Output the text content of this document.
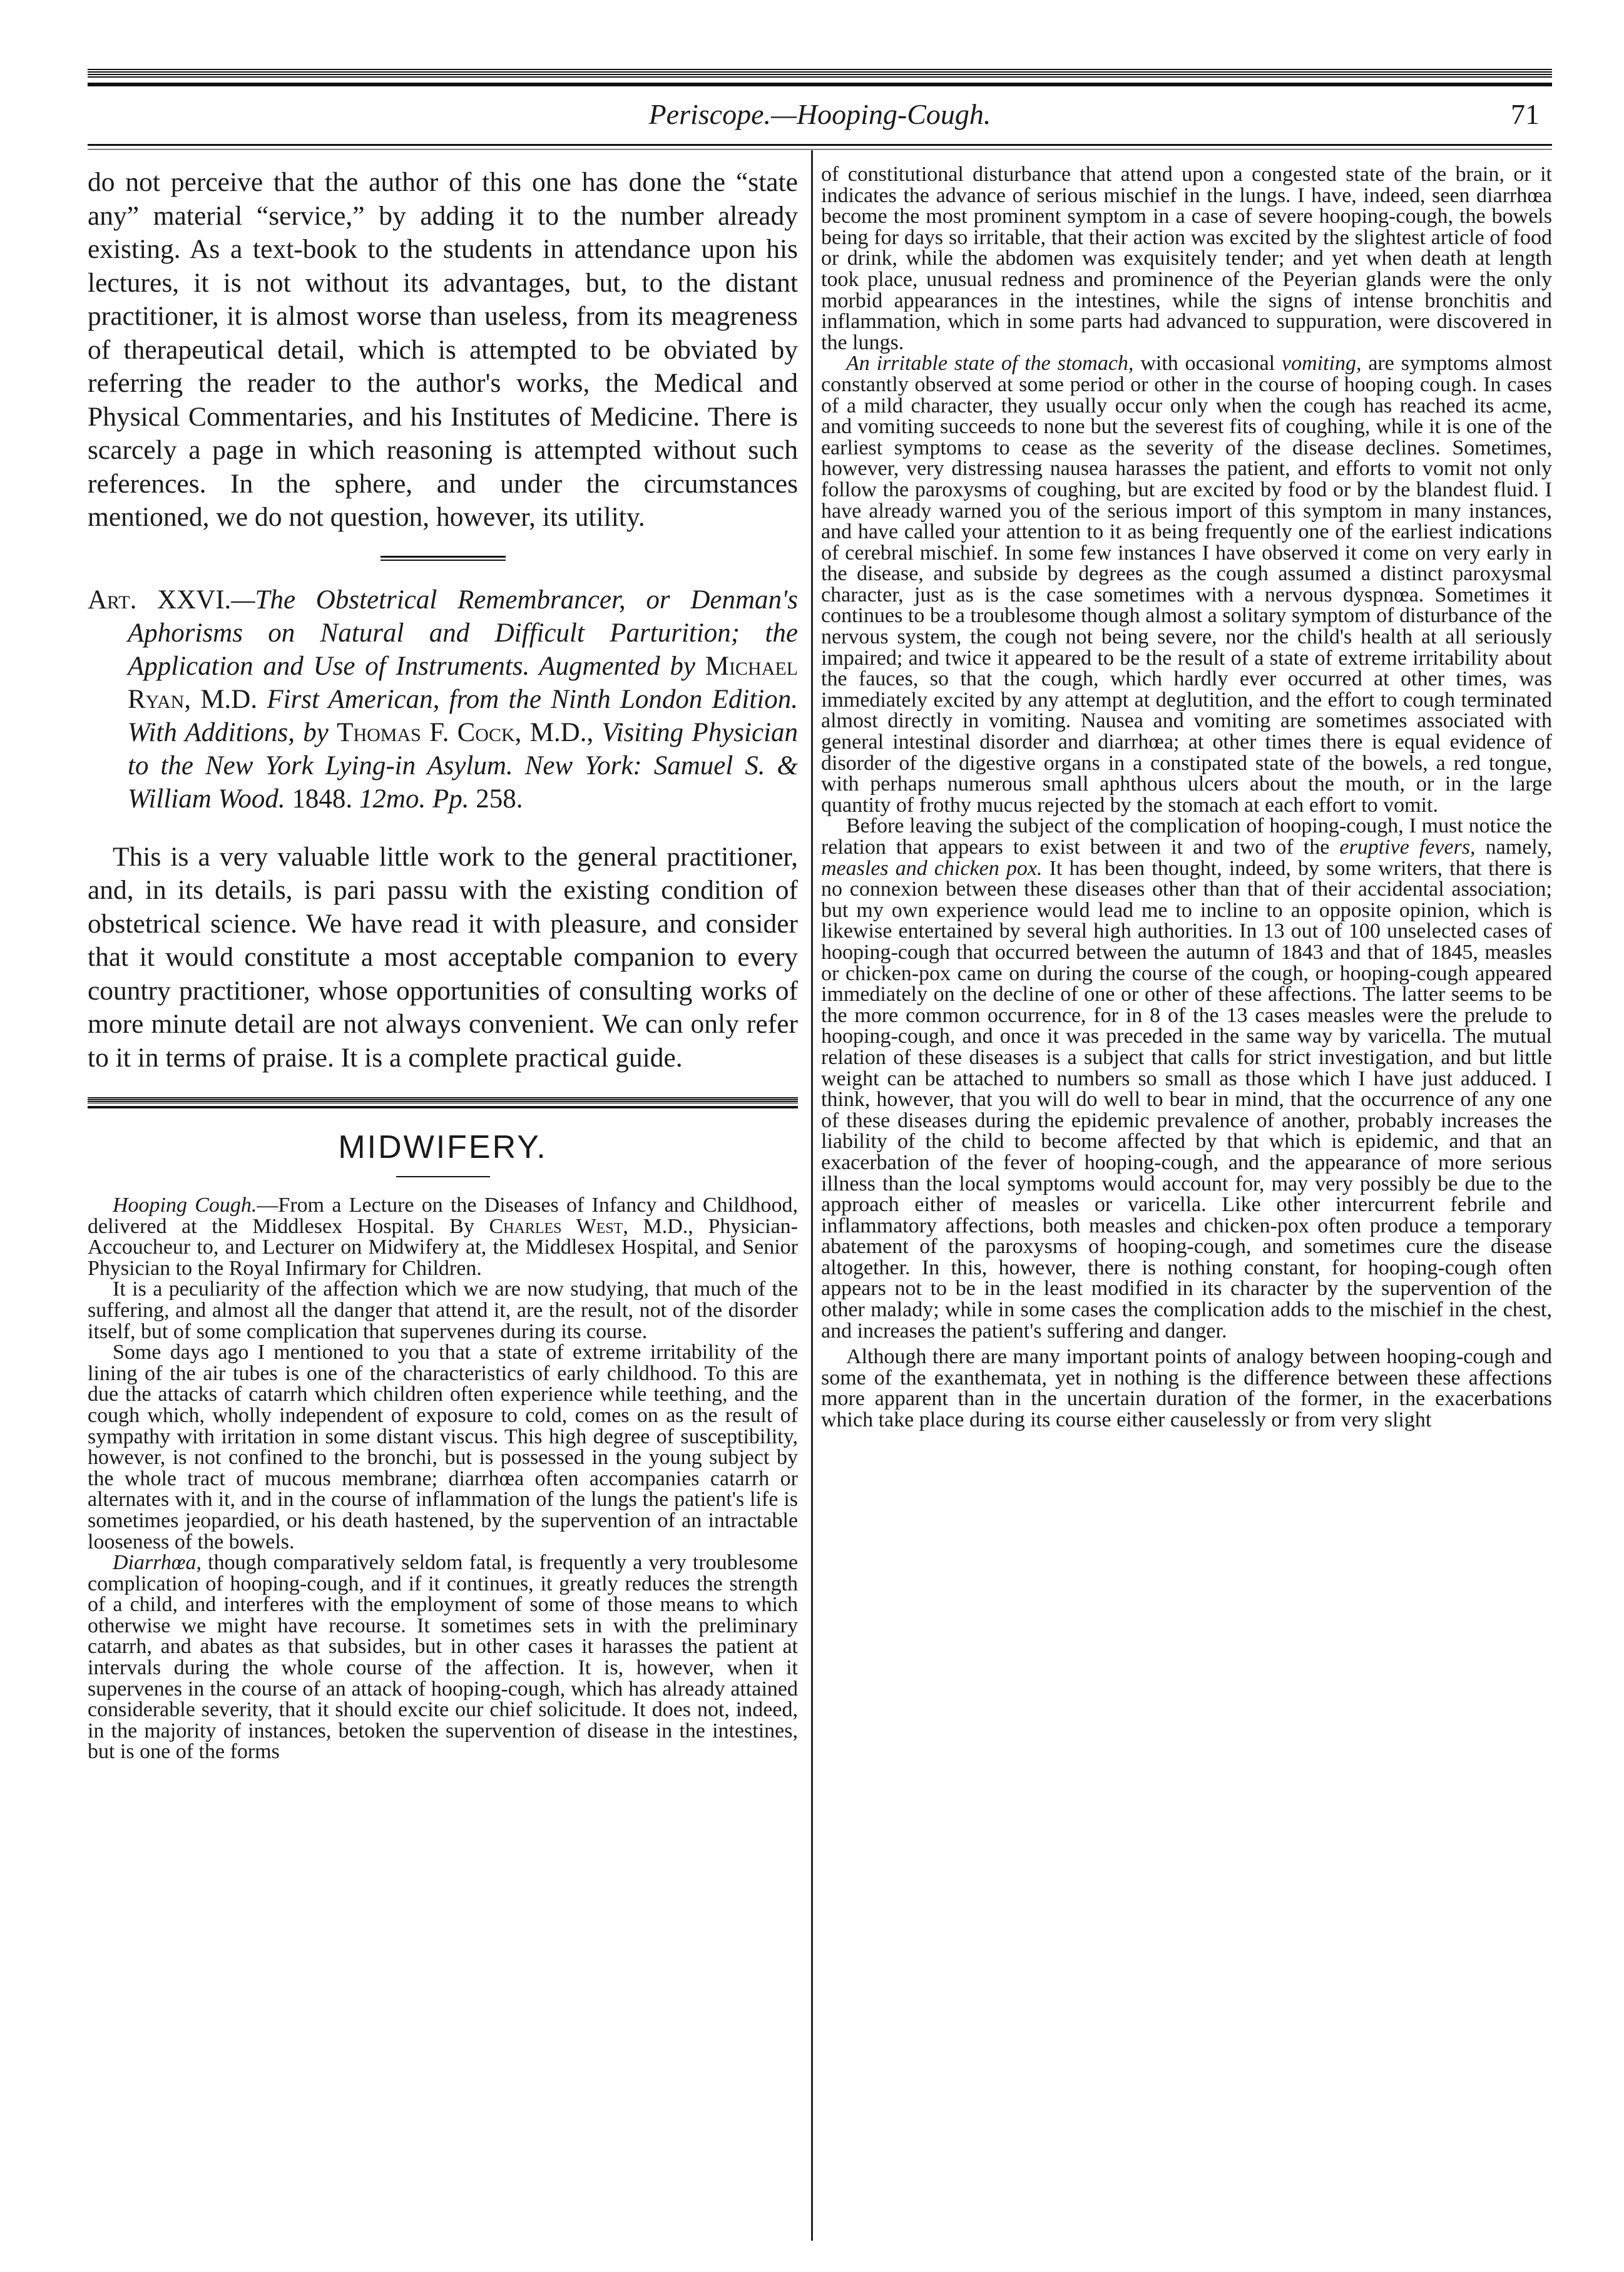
Periscope.—Hooping-Cough.	71

do not perceive that the author of this one has done the “state any” material “service,” by adding it to the number already existing. As a text-book to the students in attendance upon his lectures, it is not without its advantages, but, to the distant practitioner, it is almost worse than useless, from its meagreness of therapeutical detail, which is attempted to be obviated by referring the reader to the author's works, the Medical and Physical Commentaries, and his Institutes of Medicine. There is scarcely a page in which reasoning is attempted without such references. In the sphere, and under the circumstances mentioned, we do not question, however, its utility.

Art. XXVI.—The Obstetrical Remembrancer, or Denman's Aphorisms on Natural and Difficult Parturition; the Application and Use of Instruments. Augmented by Michael Ryan, M.D. First American, from the Ninth London Edition. With Additions, by Thomas F. Cock, M.D., Visiting Physician to the New York Lying-in Asylum. New York: Samuel S. & William Wood. 1848. 12mo. Pp. 258.

This is a very valuable little work to the general practitioner, and, in its details, is pari passu with the existing condition of obstetrical science. We have read it with pleasure, and consider that it would constitute a most acceptable companion to every country practitioner, whose opportunities of consulting works of more minute detail are not always convenient. We can only refer to it in terms of praise. It is a complete practical guide.

MIDWIFERY.

Hooping Cough.—From a Lecture on the Diseases of Infancy and Childhood, delivered at the Middlesex Hospital. By Charles West, M.D., Physician-Accoucheur to, and Lecturer on Midwifery at, the Middlesex Hospital, and Senior Physician to the Royal Infirmary for Children.

It is a peculiarity of the affection which we are now studying, that much of the suffering, and almost all the danger that attend it, are the result, not of the disorder itself, but of some complication that supervenes during its course.

Some days ago I mentioned to you that a state of extreme irritability of the lining of the air tubes is one of the characteristics of early childhood. To this are due the attacks of catarrh which children often experience while teething, and the cough which, wholly independent of exposure to cold, comes on as the result of sympathy with irritation in some distant viscus. This high degree of susceptibility, however, is not confined to the bronchi, but is possessed in the young subject by the whole tract of mucous membrane; diarrhœa often accompanies catarrh or alternates with it, and in the course of inflammation of the lungs the patient's life is sometimes jeopardied, or his death hastened, by the supervention of an intractable looseness of the bowels.

Diarrhœa, though comparatively seldom fatal, is frequently a very troublesome complication of hooping-cough, and if it continues, it greatly reduces the strength of a child, and interferes with the employment of some of those means to which otherwise we might have recourse. It sometimes sets in with the preliminary catarrh, and abates as that subsides, but in other cases it harasses the patient at intervals during the whole course of the affection. It is, however, when it supervenes in the course of an attack of hooping-cough, which has already attained considerable severity, that it should excite our chief solicitude. It does not, indeed, in the majority of instances, betoken the supervention of disease in the intestines, but is one of the forms

of constitutional disturbance that attend upon a congested state of the brain, or it indicates the advance of serious mischief in the lungs. I have, indeed, seen diarrhœa become the most prominent symptom in a case of severe hooping-cough, the bowels being for days so irritable, that their action was excited by the slightest article of food or drink, while the abdomen was exquisitely tender; and yet when death at length took place, unusual redness and prominence of the Peyerian glands were the only morbid appearances in the intestines, while the signs of intense bronchitis and inflammation, which in some parts had advanced to suppuration, were discovered in the lungs.

An irritable state of the stomach, with occasional vomiting, are symptoms almost constantly observed at some period or other in the course of hooping cough. In cases of a mild character, they usually occur only when the cough has reached its acme, and vomiting succeeds to none but the severest fits of coughing, while it is one of the earliest symptoms to cease as the severity of the disease declines. Sometimes, however, very distressing nausea harasses the patient, and efforts to vomit not only follow the paroxysms of coughing, but are excited by food or by the blandest fluid. I have already warned you of the serious import of this symptom in many instances, and have called your attention to it as being frequently one of the earliest indications of cerebral mischief. In some few instances I have observed it come on very early in the disease, and subside by degrees as the cough assumed a distinct paroxysmal character, just as is the case sometimes with a nervous dyspnœa. Sometimes it continues to be a troublesome though almost a solitary symptom of disturbance of the nervous system, the cough not being severe, nor the child's health at all seriously impaired; and twice it appeared to be the result of a state of extreme irritability about the fauces, so that the cough, which hardly ever occurred at other times, was immediately excited by any attempt at deglutition, and the effort to cough terminated almost directly in vomiting. Nausea and vomiting are sometimes associated with general intestinal disorder and diarrhœa; at other times there is equal evidence of disorder of the digestive organs in a constipated state of the bowels, a red tongue, with perhaps numerous small aphthous ulcers about the mouth, or in the large quantity of frothy mucus rejected by the stomach at each effort to vomit.

Before leaving the subject of the complication of hooping-cough, I must notice the relation that appears to exist between it and two of the eruptive fevers, namely, measles and chicken pox. It has been thought, indeed, by some writers, that there is no connexion between these diseases other than that of their accidental association; but my own experience would lead me to incline to an opposite opinion, which is likewise entertained by several high authorities. In 13 out of 100 unselected cases of hooping-cough that occurred between the autumn of 1843 and that of 1845, measles or chicken-pox came on during the course of the cough, or hooping-cough appeared immediately on the decline of one or other of these affections. The latter seems to be the more common occurrence, for in 8 of the 13 cases measles were the prelude to hooping-cough, and once it was preceded in the same way by varicella. The mutual relation of these diseases is a subject that calls for strict investigation, and but little weight can be attached to numbers so small as those which I have just adduced. I think, however, that you will do well to bear in mind, that the occurrence of any one of these diseases during the epidemic prevalence of another, probably increases the liability of the child to become affected by that which is epidemic, and that an exacerbation of the fever of hooping-cough, and the appearance of more serious illness than the local symptoms would account for, may very possibly be due to the approach either of measles or varicella. Like other intercurrent febrile and inflammatory affections, both measles and chicken-pox often produce a temporary abatement of the paroxysms of hooping-cough, and sometimes cure the disease altogether. In this, however, there is nothing constant, for hooping-cough often appears not to be in the least modified in its character by the supervention of the other malady; while in some cases the complication adds to the mischief in the chest, and increases the patient's suffering and danger.

Although there are many important points of analogy between hooping-cough and some of the exanthemata, yet in nothing is the difference between these affections more apparent than in the uncertain duration of the former, in the exacerbations which take place during its course either causelessly or from very slight
